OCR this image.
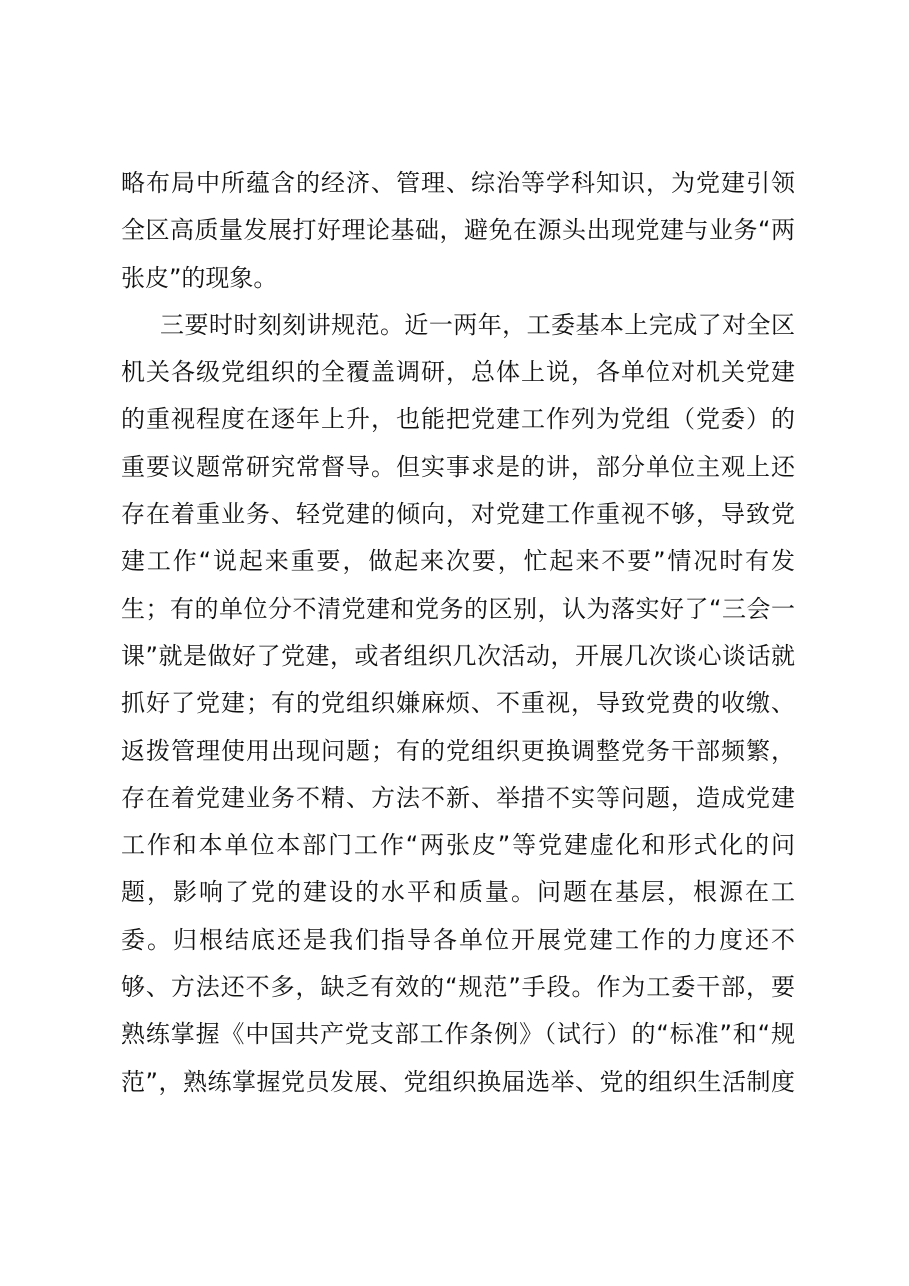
略布局中所蕴含的经济、管理、综治等学科知识，为党建引领
全区高质量发展打好理论基础，避免在源头出现党建与业务“两
张皮”的现象。
三要时时刻刻讲规范。近一两年，工委基本上完成了对全区
机关各级党组织的全覆盖调研，总体上说，各单位对机关党建
的重视程度在逐年上升，也能把党建工作列为党组（党委）的
重要议题常研究常督导。但实事求是的讲，部分单位主观上还
存在着重业务、轻党建的倾向，对党建工作重视不够，导致党
建工作“说起来重要，做起来次要，忙起来不要”情况时有发
生；有的单位分不清党建和党务的区别，认为落实好了“三会一
课”就是做好了党建，或者组织几次活动，开展几次谈心谈话就
抓好了党建；有的党组织嫌麻烦、不重视，导致党费的收缴、
返拨管理使用出现问题；有的党组织更换调整党务干部频繁，
存在着党建业务不精、方法不新、举措不实等问题，造成党建
工作和本单位本部门工作“两张皮”等党建虚化和形式化的问
题，影响了党的建设的水平和质量。问题在基层，根源在工
委。归根结底还是我们指导各单位开展党建工作的力度还不
够、方法还不多，缺乏有效的“规范”手段。作为工委干部，要
熟练掌握《中国共产党支部工作条例》（试行）的“标准”和“规
范”，熟练掌握党员发展、党组织换届选举、党的组织生活制度
